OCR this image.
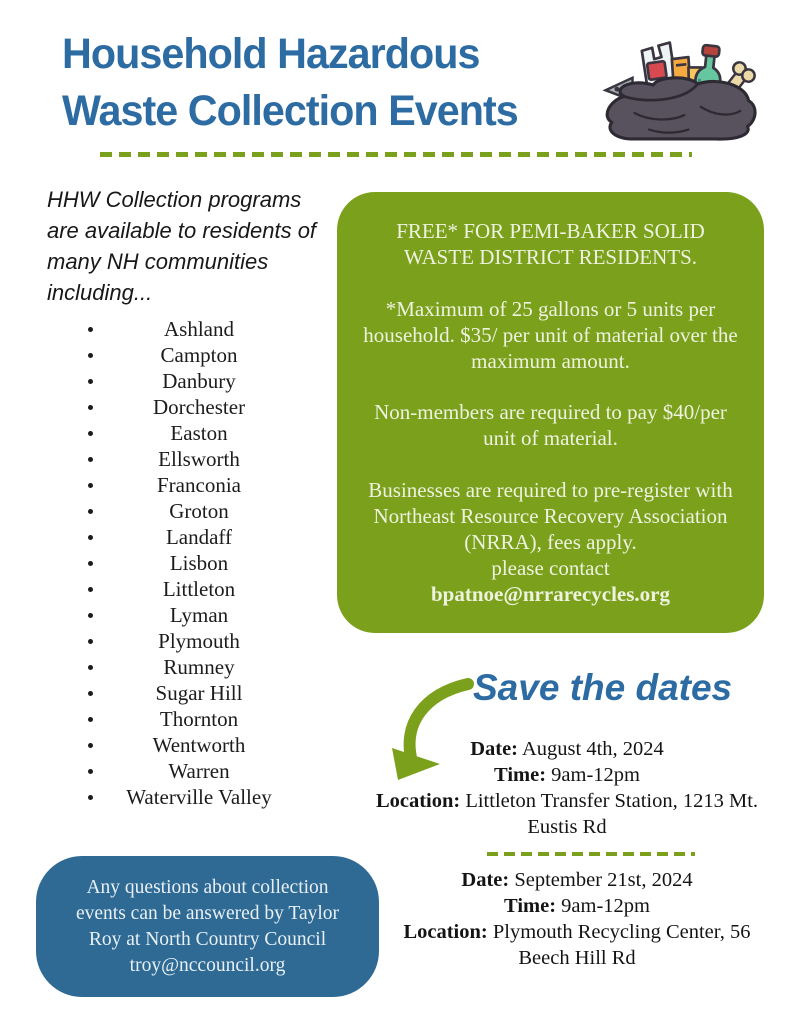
Household Hazardous
Waste Collection Events

HHW Collection programs are available to residents of many NH communities including...

Ashland
Campton
Danbury
Dorchester
Easton
Ellsworth
Franconia
Groton
Landaff
Lisbon
Littleton
Lyman
Plymouth
Rumney
Sugar Hill
Thornton
Wentworth
Warren
Waterville Valley
FREE* FOR PEMI-BAKER SOLID WASTE DISTRICT RESIDENTS.
*Maximum of 25 gallons or 5 units per household. $35/ per unit of material over the maximum amount.
Non-members are required to pay $40/per unit of material.
Businesses are required to pre-register with Northeast Resource Recovery Association (NRRA), fees apply.
please contact
bpatnoe@nrrarecycles.org
Save the dates
Date: August 4th, 2024
Time: 9am-12pm
Location: Littleton Transfer Station, 1213 Mt. Eustis Rd
Date: September 21st, 2024
Time: 9am-12pm
Location: Plymouth Recycling Center, 56 Beech Hill Rd
Any questions about collection events can be answered by Taylor Roy at North Country Council
troy@nccouncil.org
